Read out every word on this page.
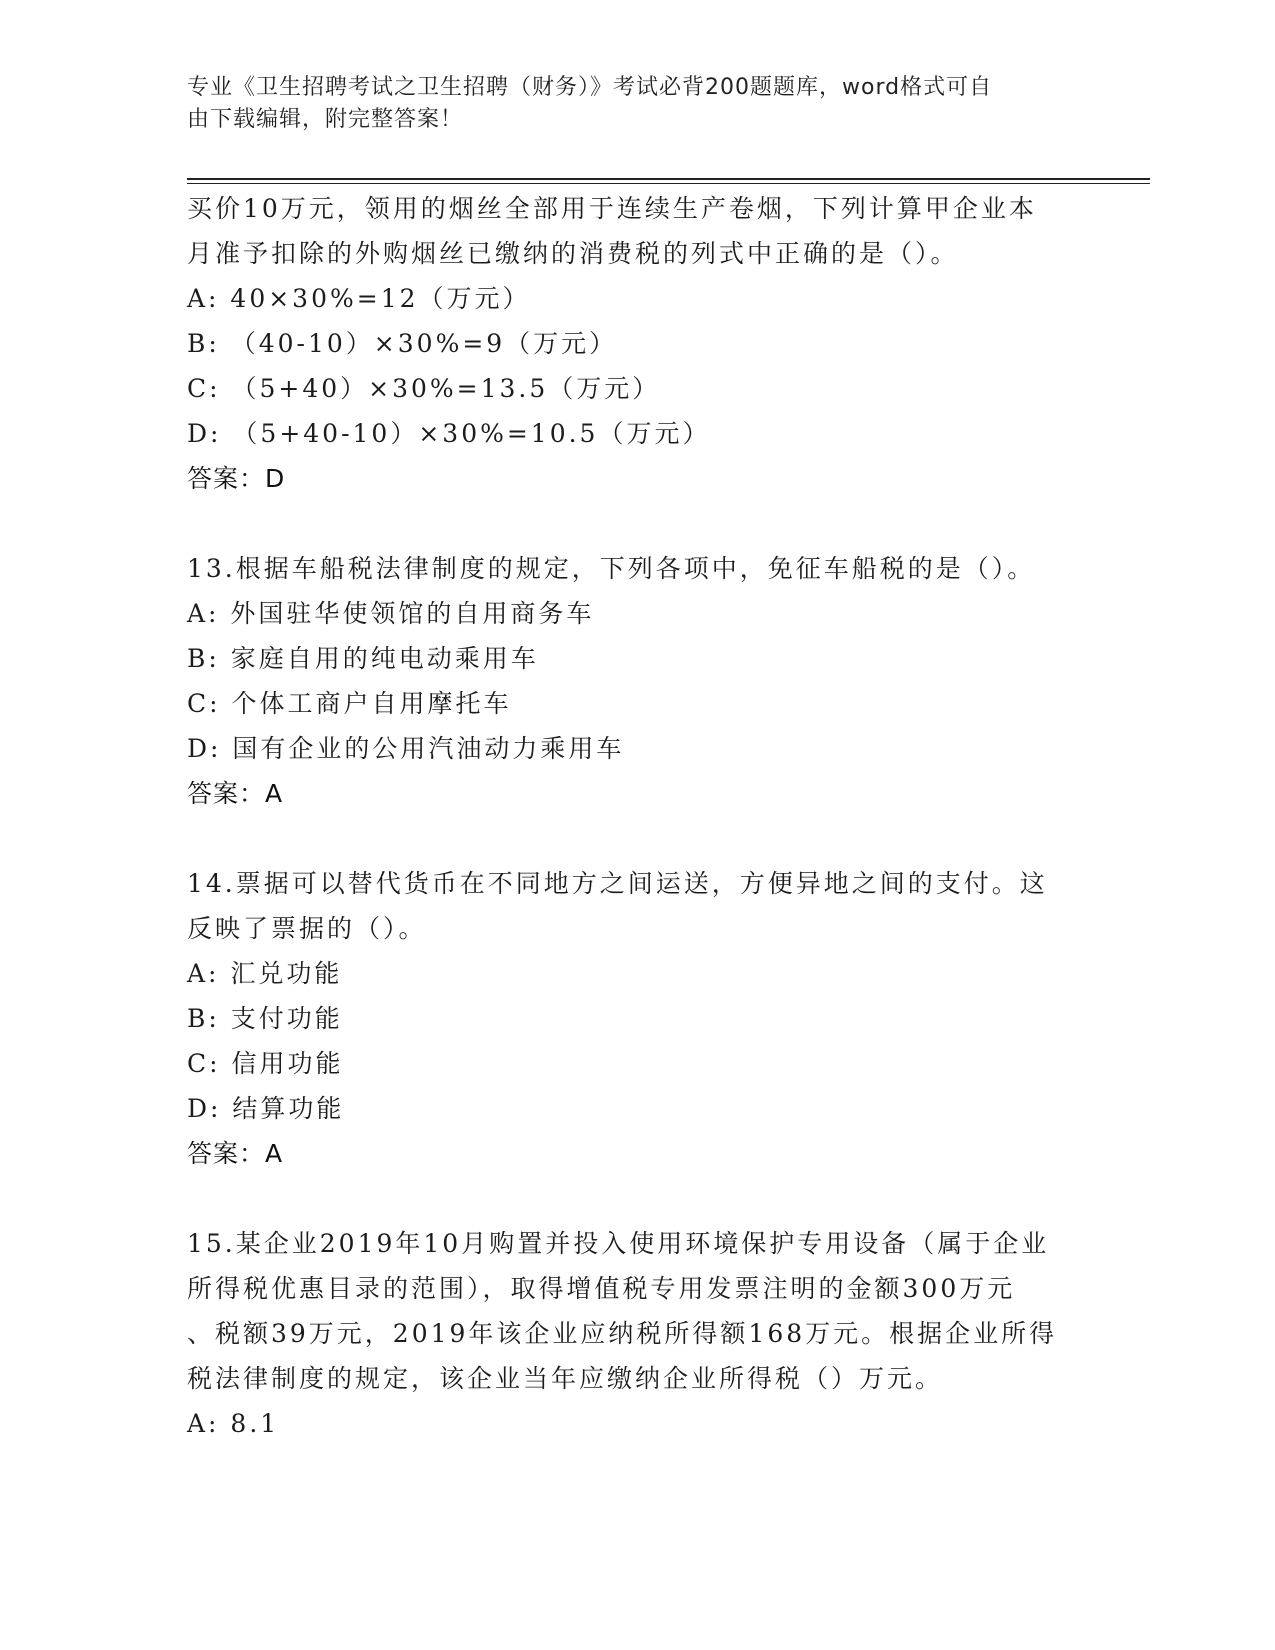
专业《卫生招聘考试之卫生招聘（财务）》考试必背200题题库，word格式可自
由下载编辑，附完整答案！
买价10万元，领用的烟丝全部用于连续生产卷烟，下列计算甲企业本
月准予扣除的外购烟丝已缴纳的消费税的列式中正确的是（）。
A: 40×30%=12（万元）
B: （40-10）×30%=9（万元）
C: （5+40）×30%=13.5（万元）
D: （5+40-10）×30%=10.5（万元）
答案：D
13.根据车船税法律制度的规定，下列各项中，免征车船税的是（）。
A: 外国驻华使领馆的自用商务车
B: 家庭自用的纯电动乘用车
C: 个体工商户自用摩托车
D: 国有企业的公用汽油动力乘用车
答案：A
14.票据可以替代货币在不同地方之间运送，方便异地之间的支付。这
反映了票据的（）。
A: 汇兑功能
B: 支付功能
C: 信用功能
D: 结算功能
答案：A
15.某企业2019年10月购置并投入使用环境保护专用设备（属于企业
所得税优惠目录的范围），取得增值税专用发票注明的金额300万元
、税额39万元，2019年该企业应纳税所得额168万元。根据企业所得
税法律制度的规定，该企业当年应缴纳企业所得税（）万元。
A: 8.1
